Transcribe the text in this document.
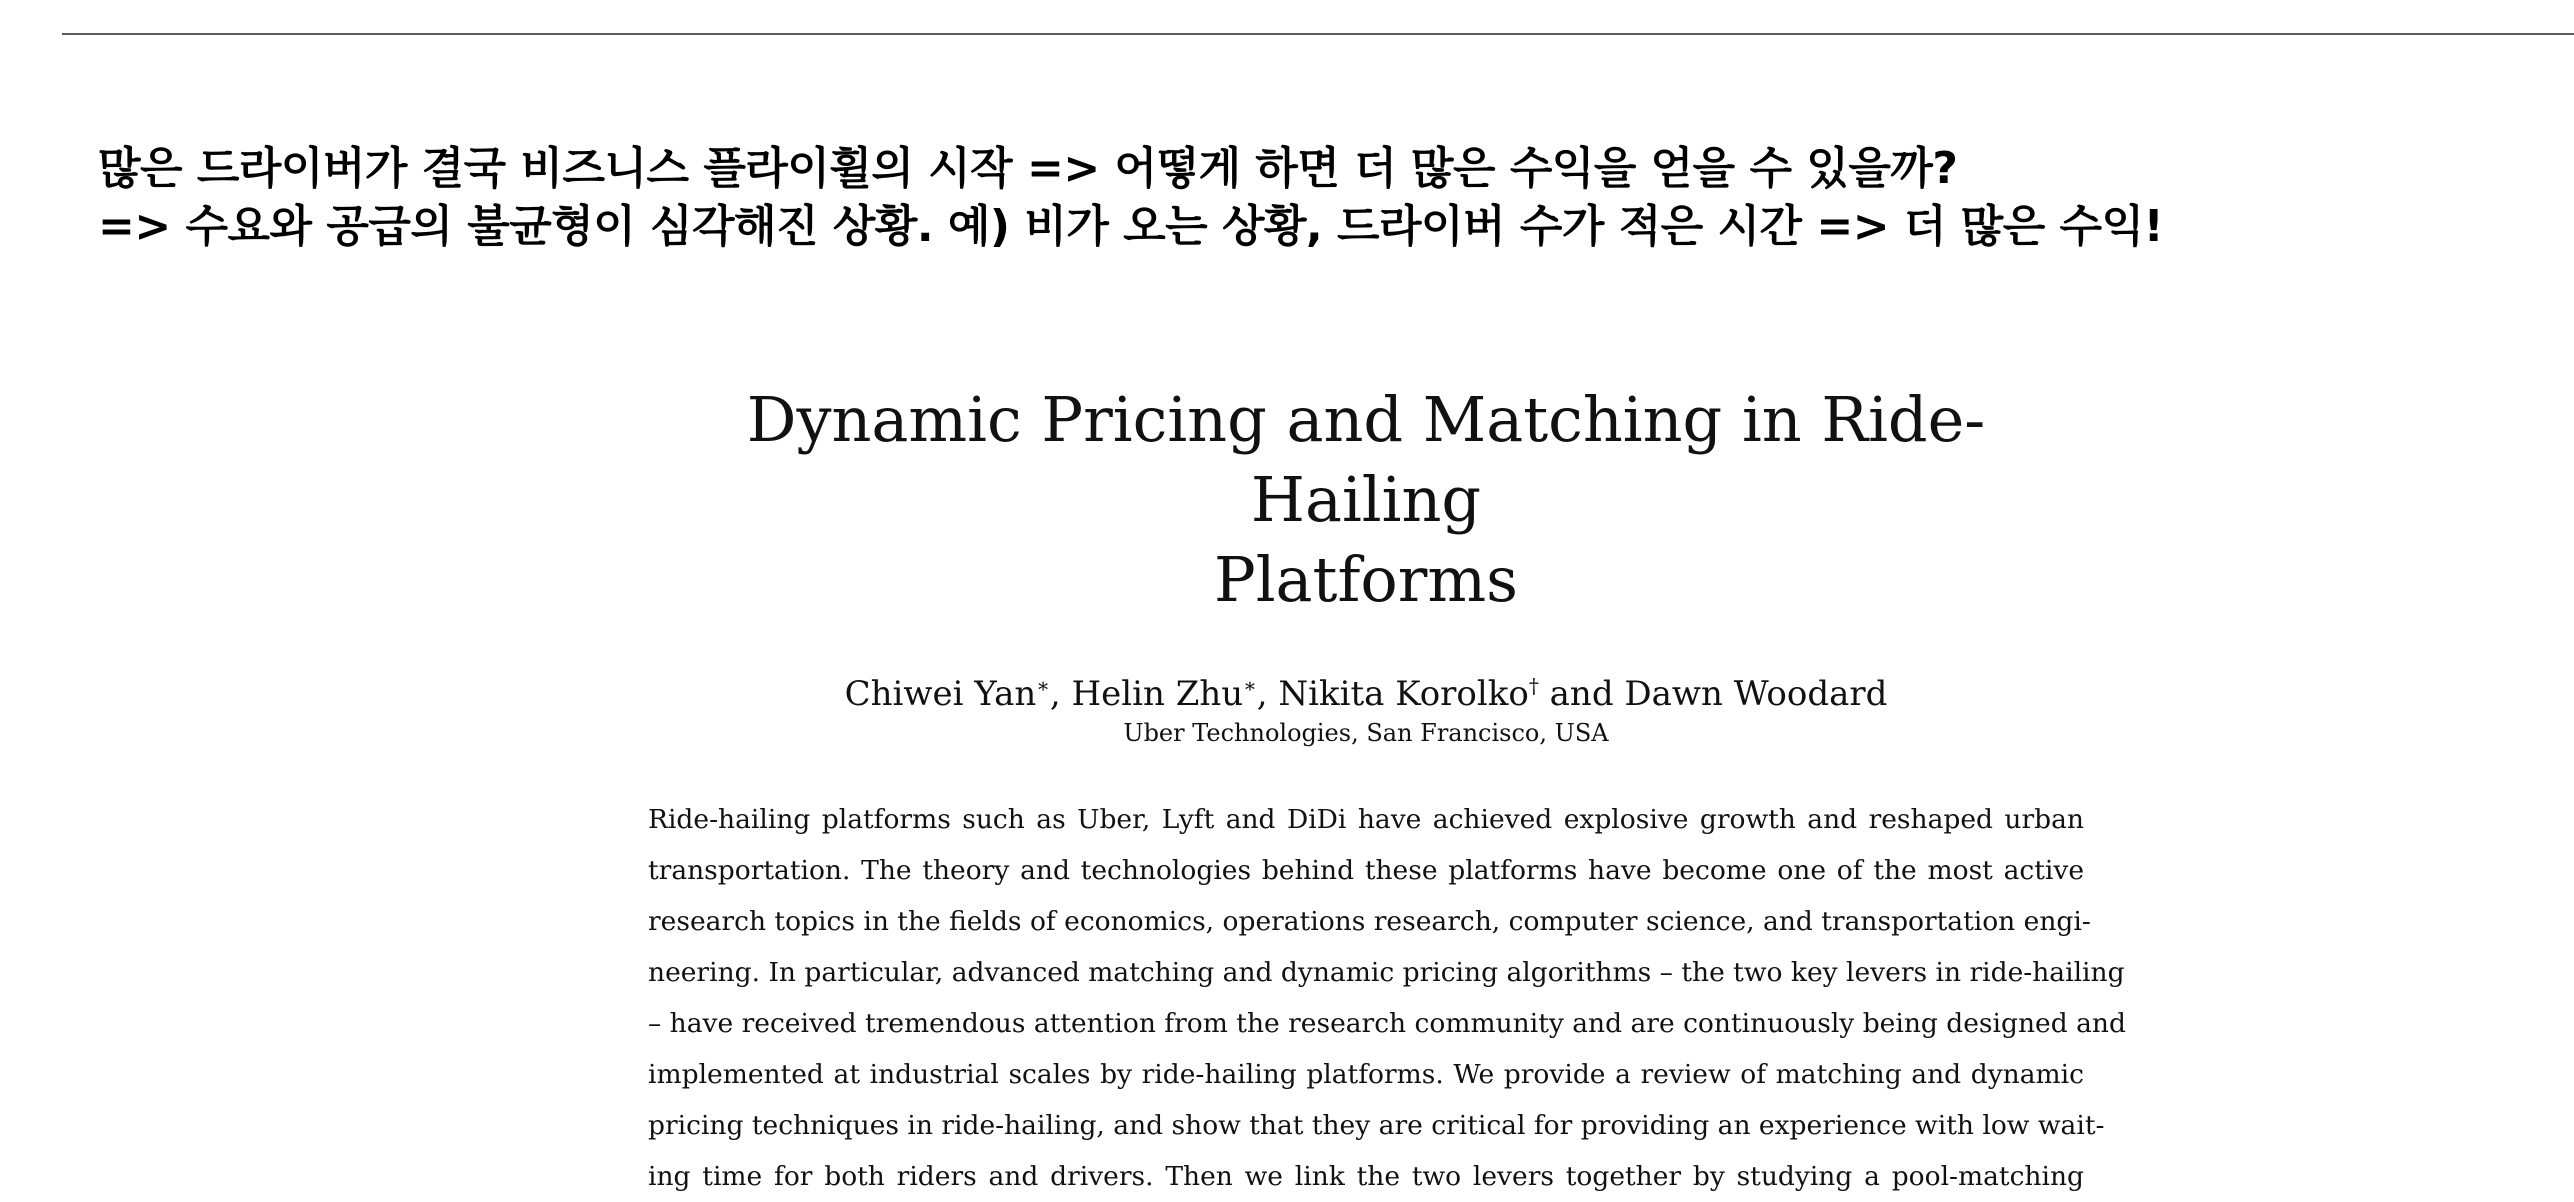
많은 드라이버가 결국 비즈니스 플라이휠의 시작 => 어떻게 하면 더 많은 수익을 얻을 수 있을까?
=> 수요와 공급의 불균형이 심각해진 상황. 예) 비가 오는 상황, 드라이버 수가 적은 시간 => 더 많은 수익!
Dynamic Pricing and Matching in Ride-Hailing
Platforms
Chiwei Yan∗, Helin Zhu∗, Nikita Korolko† and Dawn Woodard
Uber Technologies, San Francisco, USA
Ride-hailing platforms such as Uber, Lyft and DiDi have achieved explosive growth and reshaped urban
transportation. The theory and technologies behind these platforms have become one of the most active
research topics in the fields of economics, operations research, computer science, and transportation engi-
neering. In particular, advanced matching and dynamic pricing algorithms – the two key levers in ride-hailing
– have received tremendous attention from the research community and are continuously being designed and
implemented at industrial scales by ride-hailing platforms. We provide a review of matching and dynamic
pricing techniques in ride-hailing, and show that they are critical for providing an experience with low wait-
ing time for both riders and drivers. Then we link the two levers together by studying a pool-matching
